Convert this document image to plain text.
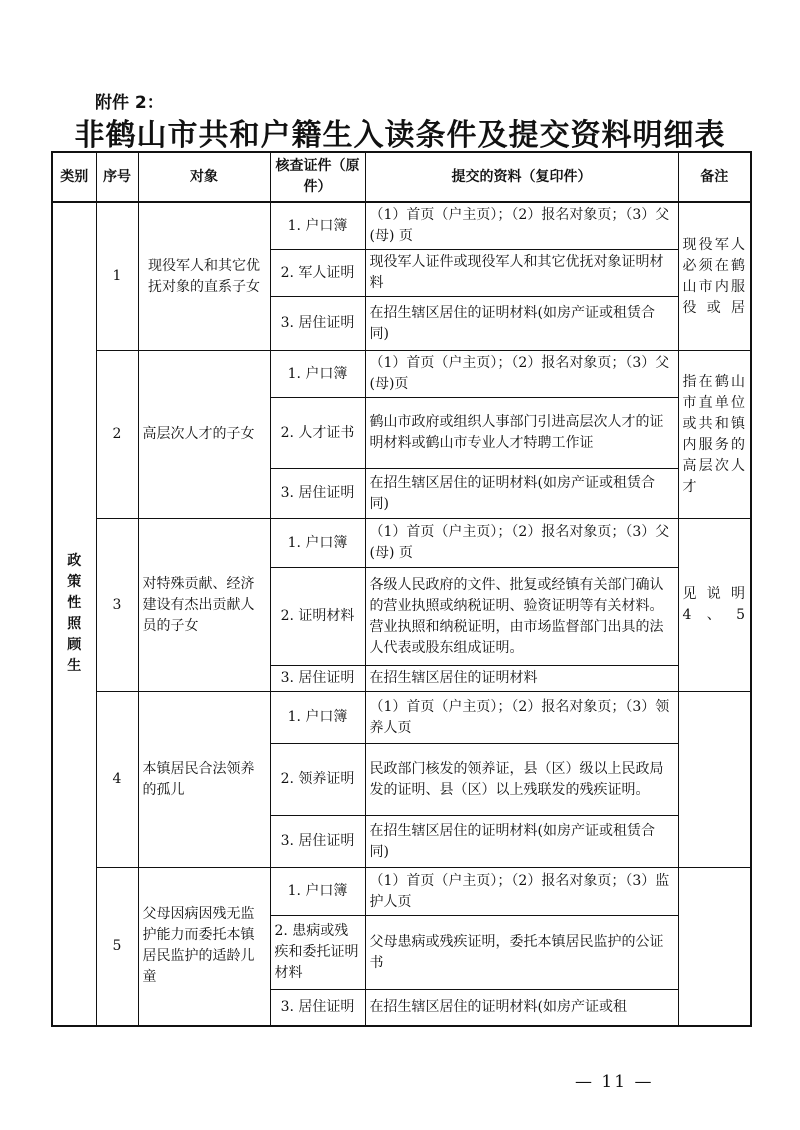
附件 2：
非鹤山市共和户籍生入读条件及提交资料明细表
类别	序号	对象	核查证件（原件）	提交的资料（复印件）	备注
政策性照顾生	1	现役军人和其它优抚对象的直系子女	1. 户口簿	（1）首页（户主页）；（2）报名对象页；（3）父(母) 页	现役军人必须在鹤山市内服役或居
			2. 军人证明	现役军人证件或现役军人和其它优抚对象证明材料	
			3. 居住证明	在招生辖区居住的证明材料(如房产证或租赁合同)	
	2	高层次人才的子女	1. 户口簿	（1）首页（户主页）；（2）报名对象页；（3）父(母)页	指在鹤山市直单位或共和镇内服务的高层次人才
			2. 人才证书	鹤山市政府或组织人事部门引进高层次人才的证明材料或鹤山市专业人才特聘工作证	
			3. 居住证明	在招生辖区居住的证明材料(如房产证或租赁合同)	
	3	对特殊贡献、经济建设有杰出贡献人员的子女	1. 户口簿	（1）首页（户主页）；（2）报名对象页；（3）父(母) 页	见说明4、5
			2. 证明材料	各级人民政府的文件、批复或经镇有关部门确认的营业执照或纳税证明、验资证明等有关材料。营业执照和纳税证明，由市场监督部门出具的法人代表或股东组成证明。	
			3. 居住证明	在招生辖区居住的证明材料	
	4	本镇居民合法领养的孤儿	1. 户口簿	（1）首页（户主页）；（2）报名对象页；（3）领养人页	
			2. 领养证明	民政部门核发的领养证，县（区）级以上民政局发的证明、县（区）以上残联发的残疾证明。	
			3. 居住证明	在招生辖区居住的证明材料(如房产证或租赁合同)	
	5	父母因病因残无监护能力而委托本镇居民监护的适龄儿童	1. 户口簿	（1）首页（户主页）；（2）报名对象页；（3）监护人页	
			2. 患病或残疾和委托证明材料	父母患病或残疾证明，委托本镇居民监护的公证书	
			3. 居住证明	在招生辖区居住的证明材料(如房产证或租	
— 11 —
